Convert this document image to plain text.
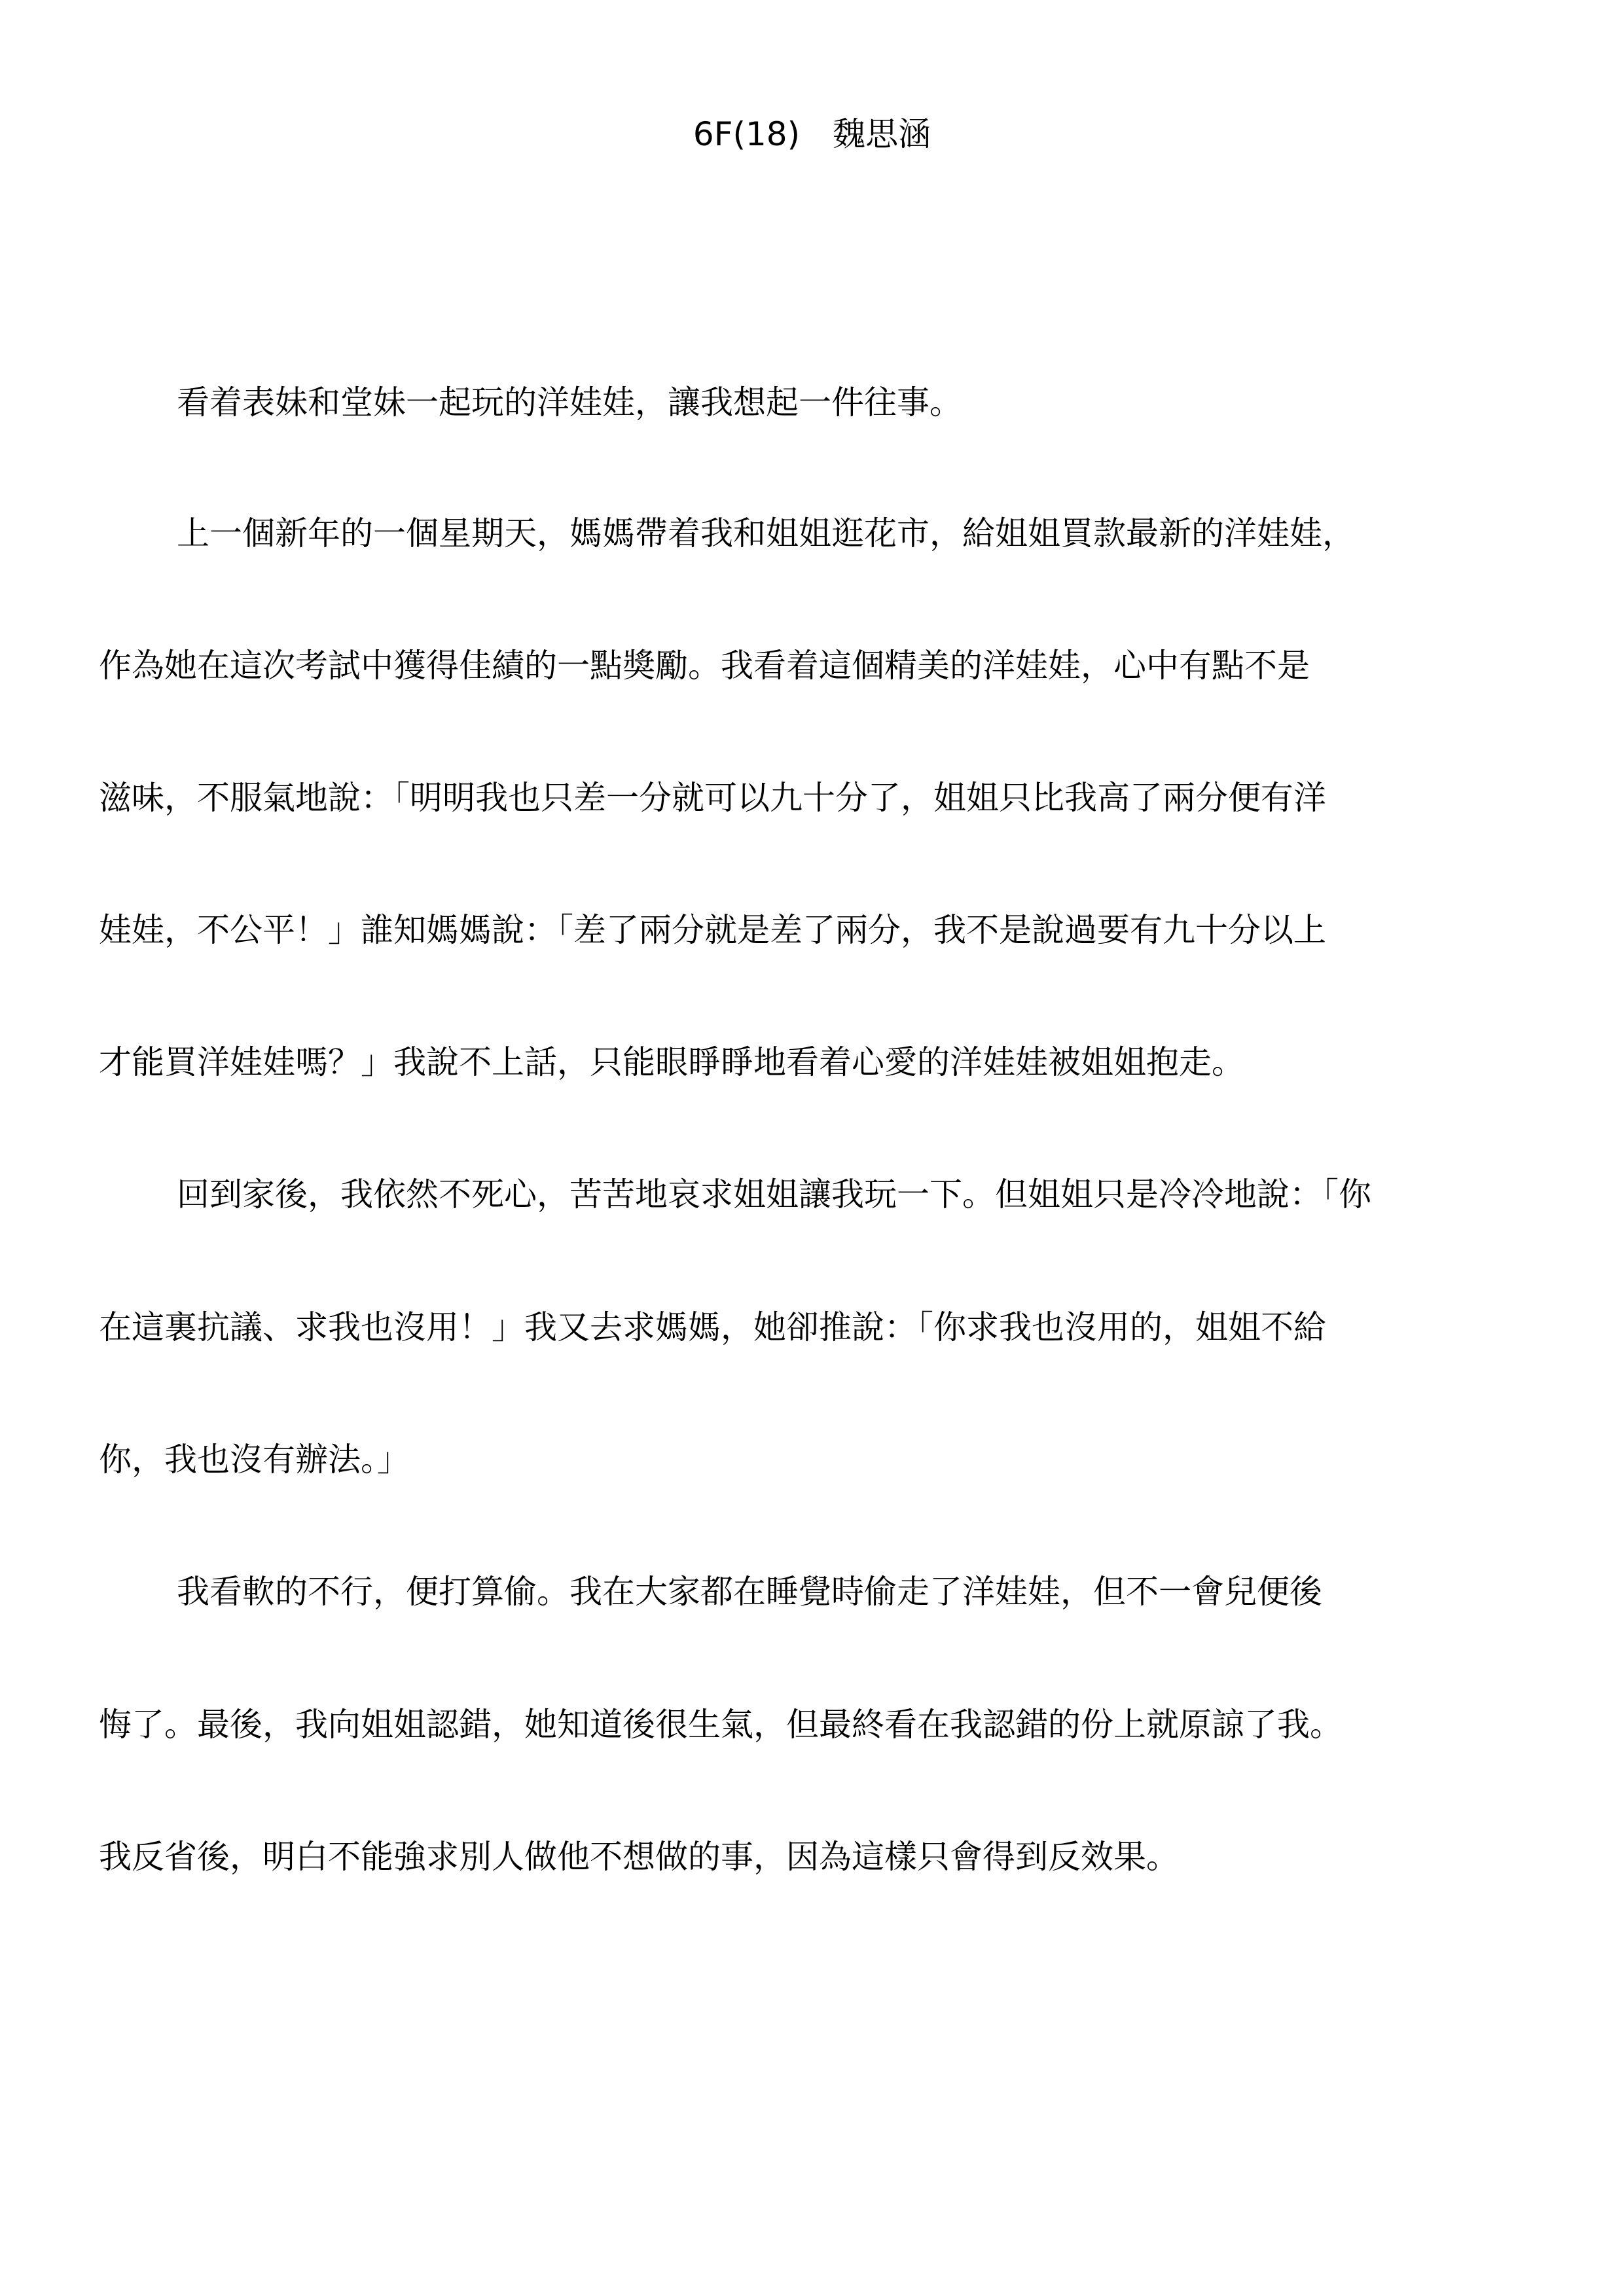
6F(18)　魏思涵
看着表妹和堂妹一起玩的洋娃娃，讓我想起一件往事。
上一個新年的一個星期天，媽媽帶着我和姐姐逛花市，給姐姐買款最新的洋娃娃，
作為她在這次考試中獲得佳績的一點獎勵。我看着這個精美的洋娃娃，心中有點不是
滋味，不服氣地說：「明明我也只差一分就可以九十分了，姐姐只比我高了兩分便有洋
娃娃，不公平！」誰知媽媽說：「差了兩分就是差了兩分，我不是說過要有九十分以上
才能買洋娃娃嗎？」我說不上話，只能眼睜睜地看着心愛的洋娃娃被姐姐抱走。
回到家後，我依然不死心，苦苦地哀求姐姐讓我玩一下。但姐姐只是冷冷地說：「你
在這裏抗議、求我也沒用！」我又去求媽媽，她卻推說：「你求我也沒用的，姐姐不給
你，我也沒有辦法。」
我看軟的不行，便打算偷。我在大家都在睡覺時偷走了洋娃娃，但不一會兒便後
悔了。最後，我向姐姐認錯，她知道後很生氣，但最終看在我認錯的份上就原諒了我。
我反省後，明白不能強求別人做他不想做的事，因為這樣只會得到反效果。
